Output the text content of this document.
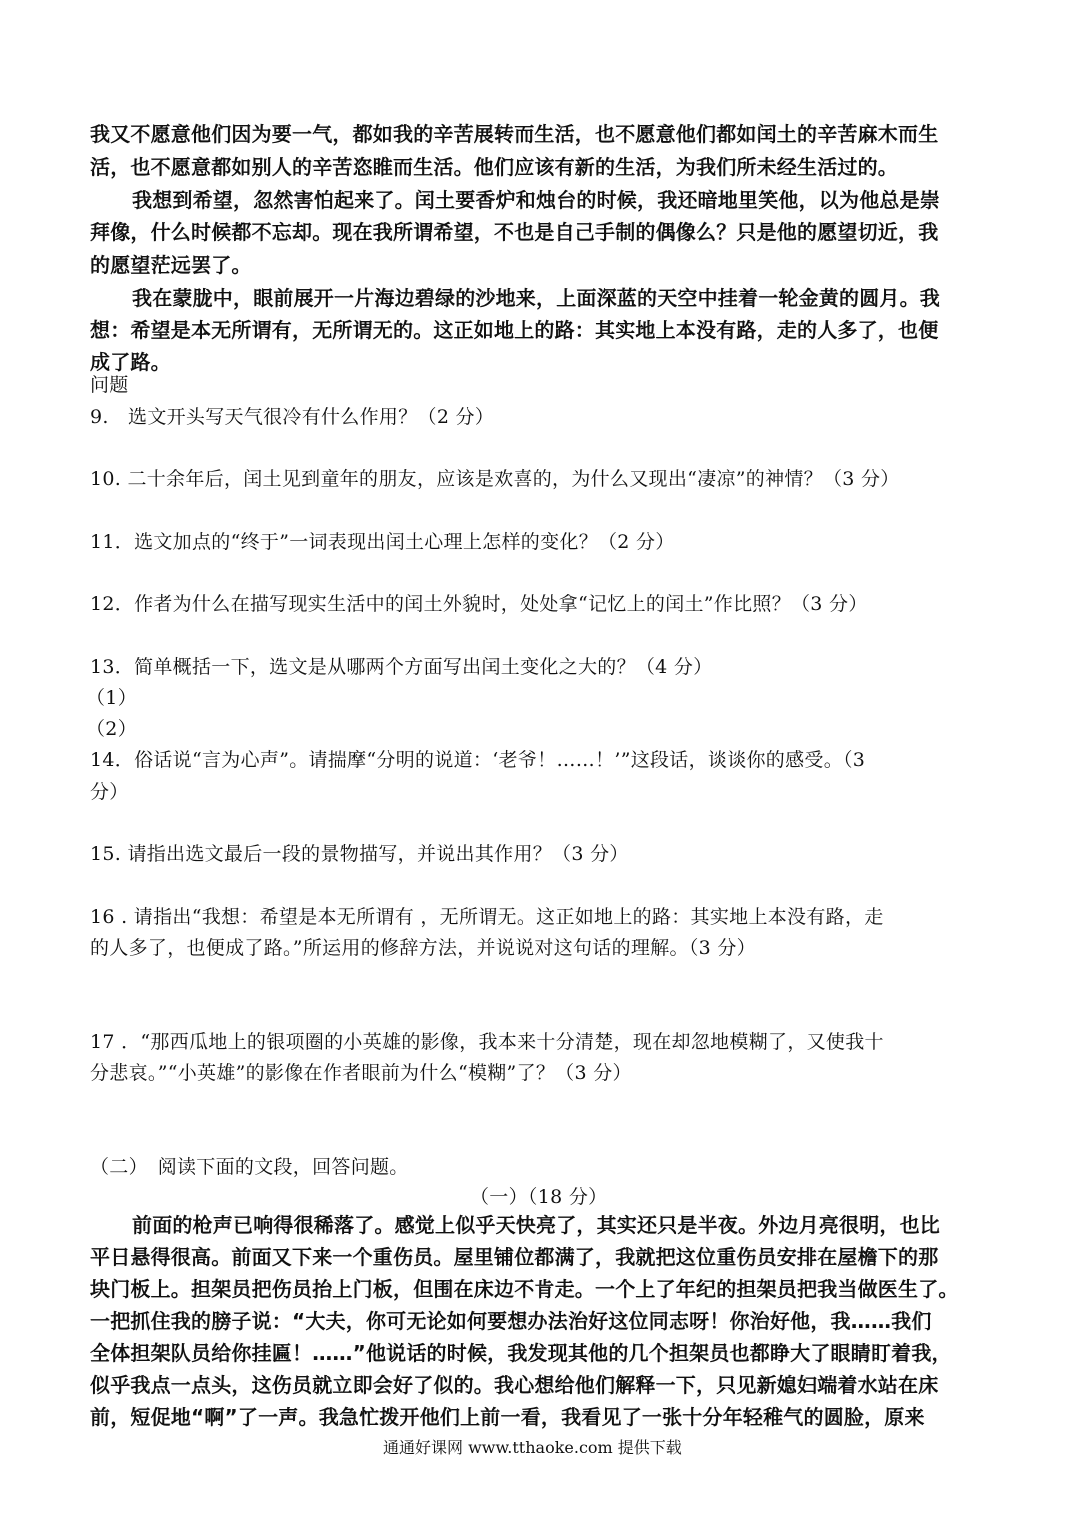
我又不愿意他们因为要一气，都如我的辛苦展转而生活，也不愿意他们都如闰土的辛苦麻木而生
活，也不愿意都如别人的辛苦恣睢而生活。他们应该有新的生活，为我们所未经生活过的。
我想到希望，忽然害怕起来了。闰土要香炉和烛台的时候，我还暗地里笑他，以为他总是崇
拜像，什么时候都不忘却。现在我所谓希望，不也是自己手制的偶像么？只是他的愿望切近，我
的愿望茫远罢了。
我在蒙胧中，眼前展开一片海边碧绿的沙地来，上面深蓝的天空中挂着一轮金黄的圆月。我
想：希望是本无所谓有，无所谓无的。这正如地上的路：其实地上本没有路，走的人多了，也便
成了路。
问题
9.　选文开头写天气很冷有什么作用？（2 分）
10. 二十余年后，闰土见到童年的朋友，应该是欢喜的，为什么又现出“凄凉”的神情？（3 分）
11．选文加点的“终于”一词表现出闰土心理上怎样的变化？（2 分）
12．作者为什么在描写现实生活中的闰土外貌时，处处拿“记忆上的闰土”作比照？（3 分）
13．简单概括一下，选文是从哪两个方面写出闰土变化之大的？（4 分）
（1）
（2）
14．俗话说“言为心声”。请揣摩“分明的说道：‘老爷！……！’”这段话，谈谈你的感受。（3
分）
15. 请指出选文最后一段的景物描写，并说出其作用？（3 分）
16 . 请指出“我想：希望是本无所谓有 ，无所谓无。这正如地上的路：其实地上本没有路，走
的人多了，也便成了路。”所运用的修辞方法，并说说对这句话的理解。（3 分）
17 ．“那西瓜地上的银项圈的小英雄的影像，我本来十分清楚，现在却忽地模糊了，又使我十
分悲哀。”“小英雄”的影像在作者眼前为什么“模糊”了？（3 分）
（二）　阅读下面的文段，回答问题。
（一）（18 分）
前面的枪声已响得很稀落了。感觉上似乎天快亮了，其实还只是半夜。外边月亮很明，也比
平日悬得很高。前面又下来一个重伤员。屋里铺位都满了，我就把这位重伤员安排在屋檐下的那
块门板上。担架员把伤员抬上门板，但围在床边不肯走。一个上了年纪的担架员把我当做医生了。
一把抓住我的膀子说：“大夫，你可无论如何要想办法治好这位同志呀！你治好他，我……我们
全体担架队员给你挂匾！……”他说话的时候，我发现其他的几个担架员也都睁大了眼睛盯着我，
似乎我点一点头，这伤员就立即会好了似的。我心想给他们解释一下，只见新媳妇端着水站在床
前，短促地“啊”了一声。我急忙拨开他们上前一看，我看见了一张十分年轻稚气的圆脸，原来
通通好课网 www.tthaoke.com 提供下载
